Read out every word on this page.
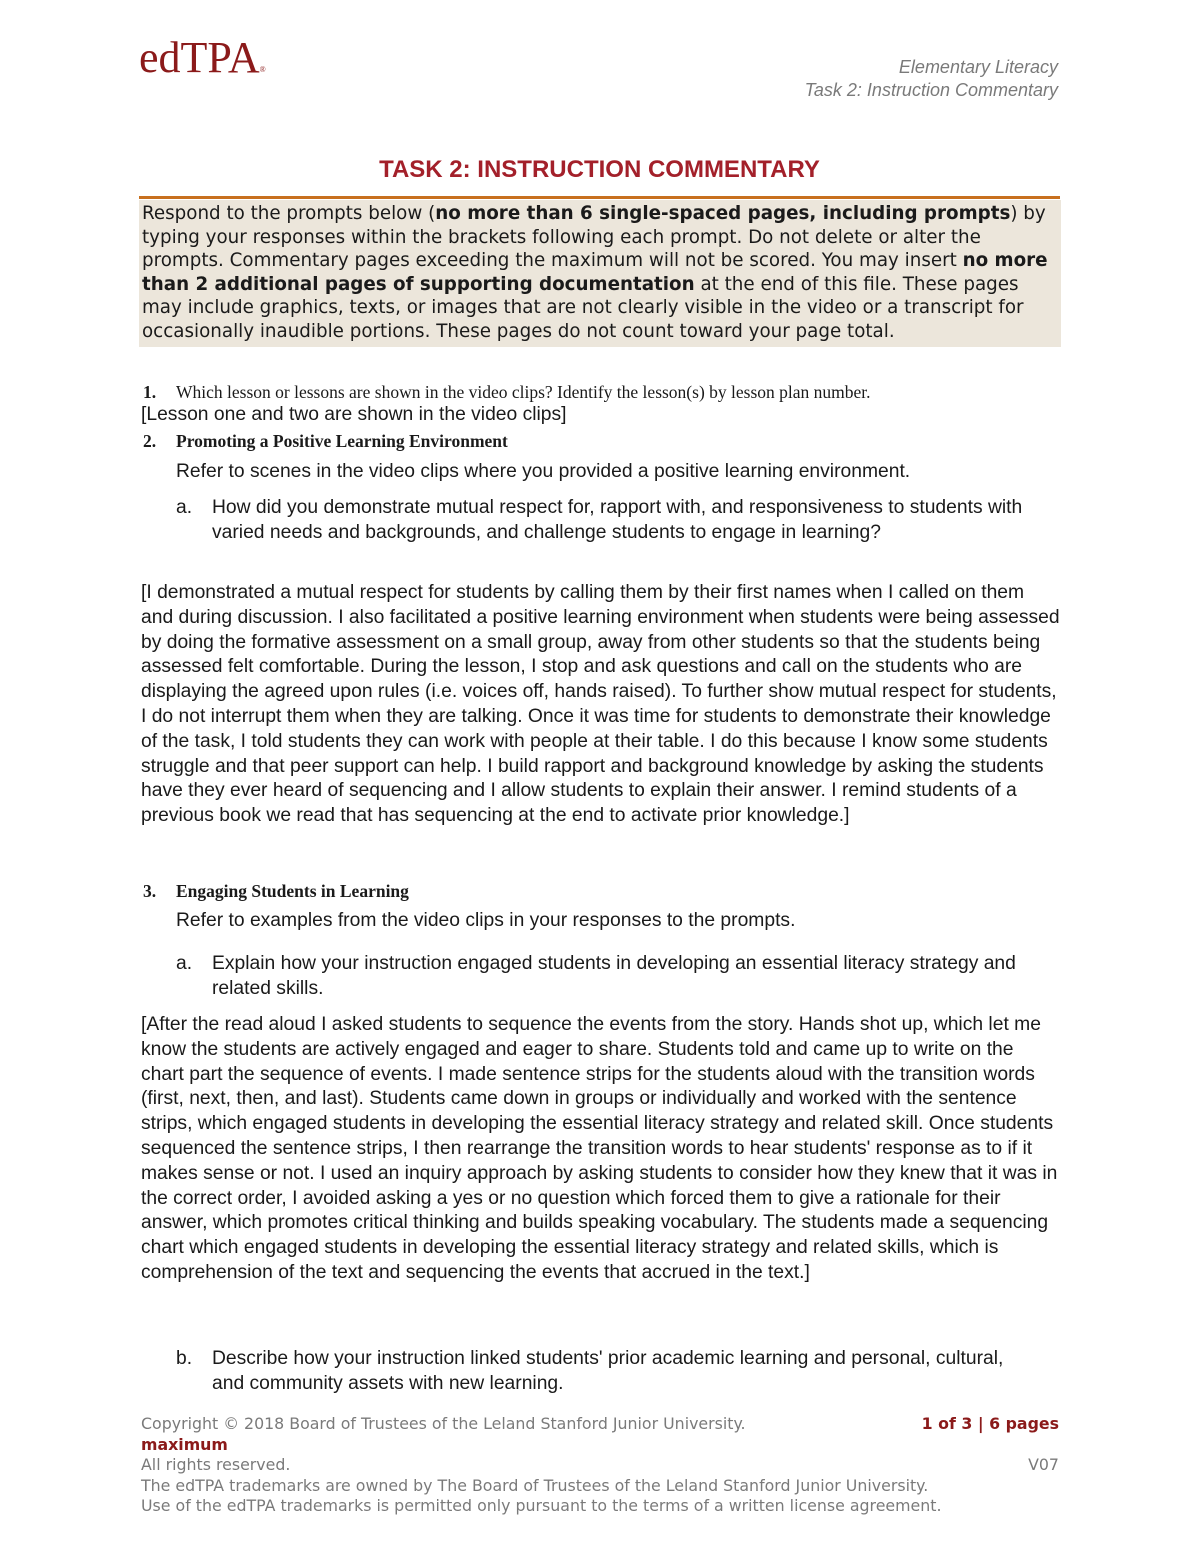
edTPA®	Elementary Literacy
Task 2: Instruction Commentary
TASK 2: INSTRUCTION COMMENTARY
Respond to the prompts below (no more than 6 single-spaced pages, including prompts) by typing your responses within the brackets following each prompt. Do not delete or alter the prompts. Commentary pages exceeding the maximum will not be scored. You may insert no more than 2 additional pages of supporting documentation at the end of this file. These pages may include graphics, texts, or images that are not clearly visible in the video or a transcript for occasionally inaudible portions. These pages do not count toward your page total.
1. Which lesson or lessons are shown in the video clips? Identify the lesson(s) by lesson plan number.
[Lesson one and two are shown in the video clips]
2. Promoting a Positive Learning Environment
Refer to scenes in the video clips where you provided a positive learning environment.
a. How did you demonstrate mutual respect for, rapport with, and responsiveness to students with varied needs and backgrounds, and challenge students to engage in learning?
[I demonstrated a mutual respect for students by calling them by their first names when I called on them and during discussion. I also facilitated a positive learning environment when students were being assessed by doing the formative assessment on a small group, away from other students so that the students being assessed felt comfortable. During the lesson, I stop and ask questions and call on the students who are displaying the agreed upon rules (i.e. voices off, hands raised). To further show mutual respect for students, I do not interrupt them when they are talking. Once it was time for students to demonstrate their knowledge of the task, I told students they can work with people at their table. I do this because I know some students struggle and that peer support can help. I build rapport and background knowledge by asking the students have they ever heard of sequencing and I allow students to explain their answer. I remind students of a previous book we read that has sequencing at the end to activate prior knowledge.]
3. Engaging Students in Learning
Refer to examples from the video clips in your responses to the prompts.
a. Explain how your instruction engaged students in developing an essential literacy strategy and related skills.
[After the read aloud I asked students to sequence the events from the story. Hands shot up, which let me know the students are actively engaged and eager to share. Students told and came up to write on the chart part the sequence of events. I made sentence strips for the students aloud with the transition words (first, next, then, and last). Students came down in groups or individually and worked with the sentence strips, which engaged students in developing the essential literacy strategy and related skill. Once students sequenced the sentence strips, I then rearrange the transition words to hear students' response as to if it makes sense or not. I used an inquiry approach by asking students to consider how they knew that it was in the correct order, I avoided asking a yes or no question which forced them to give a rationale for their answer, which promotes critical thinking and builds speaking vocabulary. The students made a sequencing chart which engaged students in developing the essential literacy strategy and related skills, which is comprehension of the text and sequencing the events that accrued in the text.]
b. Describe how your instruction linked students' prior academic learning and personal, cultural, and community assets with new learning.
Copyright © 2018 Board of Trustees of the Leland Stanford Junior University.	1 of 3 | 6 pages
maximum
All rights reserved.	V07
The edTPA trademarks are owned by The Board of Trustees of the Leland Stanford Junior University.
Use of the edTPA trademarks is permitted only pursuant to the terms of a written license agreement.
